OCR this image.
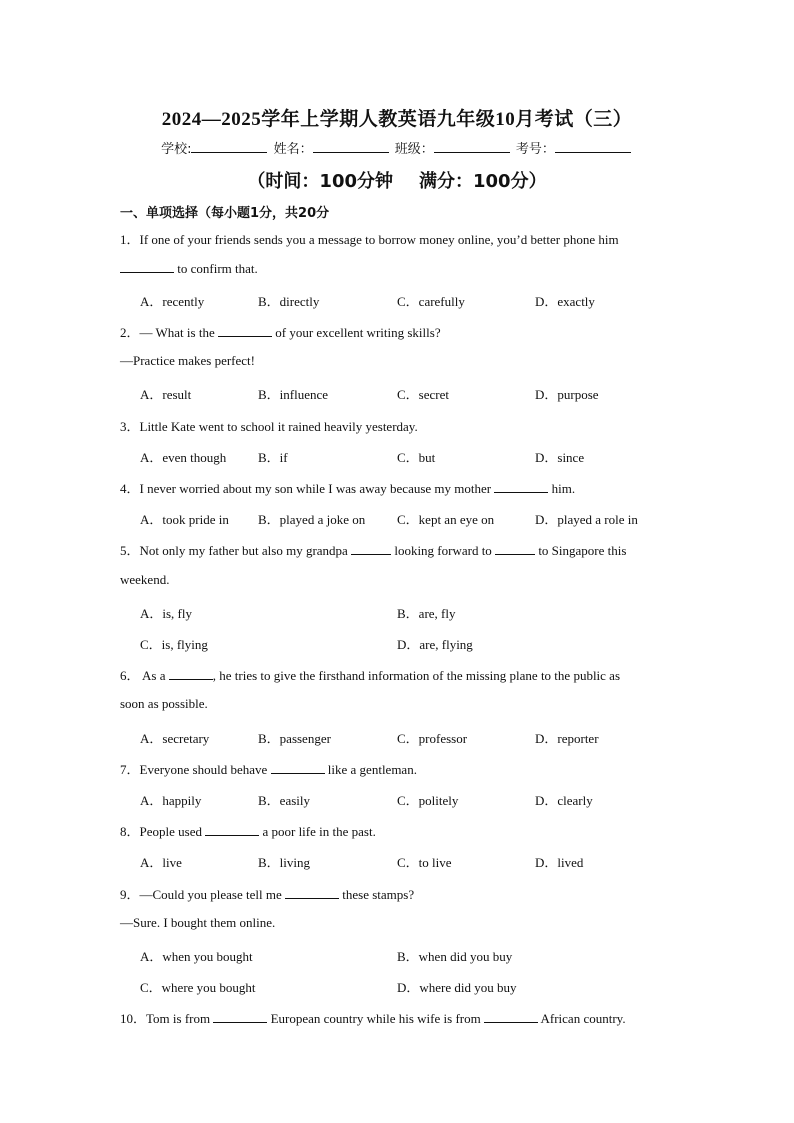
2024—2025学年上学期人教英语九年级10月考试（三）
学校:	姓名：	班级：	考号：
（时间：100分钟 满分：100分）
一、单项选择（每小题1分，共20分
1．If one of your friends sends you a message to borrow money online, you’d better phone him
to confirm that.
A．recently	B．directly	C．carefully	D．exactly
2．— What is the	of your excellent writing skills?
—Practice makes perfect!
A．result	B．influence	C．secret	D．purpose
3．Little Kate went to school it rained heavily yesterday.
A．even though B．if	C．but	D．since
4．I never worried about my son while I was away because my mother	him.
A．took pride in B．played a joke on C．kept an eye on	D．played a role in
5．Not only my father but also my grandpa	looking forward to	to Singapore this
weekend.
A．is, fly	B．are, fly
C．is, flying	D．are, flying
6． As a	, he tries to give the firsthand information of the missing plane to the public as
soon as possible.
A．secretary	B．passenger	C．professor	D．reporter
7．Everyone should behave	like a gentleman.
A．happily	B．easily	C．politely	D．clearly
8．People used	a poor life in the past.
A．live	B．living	C．to live	D．lived
9．—Could you please tell me	these stamps?
—Sure. I bought them online.
A．when you bought	B．when did you buy
C．where you bought	D．where did you buy
10．Tom is from	European country while his wife is from	African country.
